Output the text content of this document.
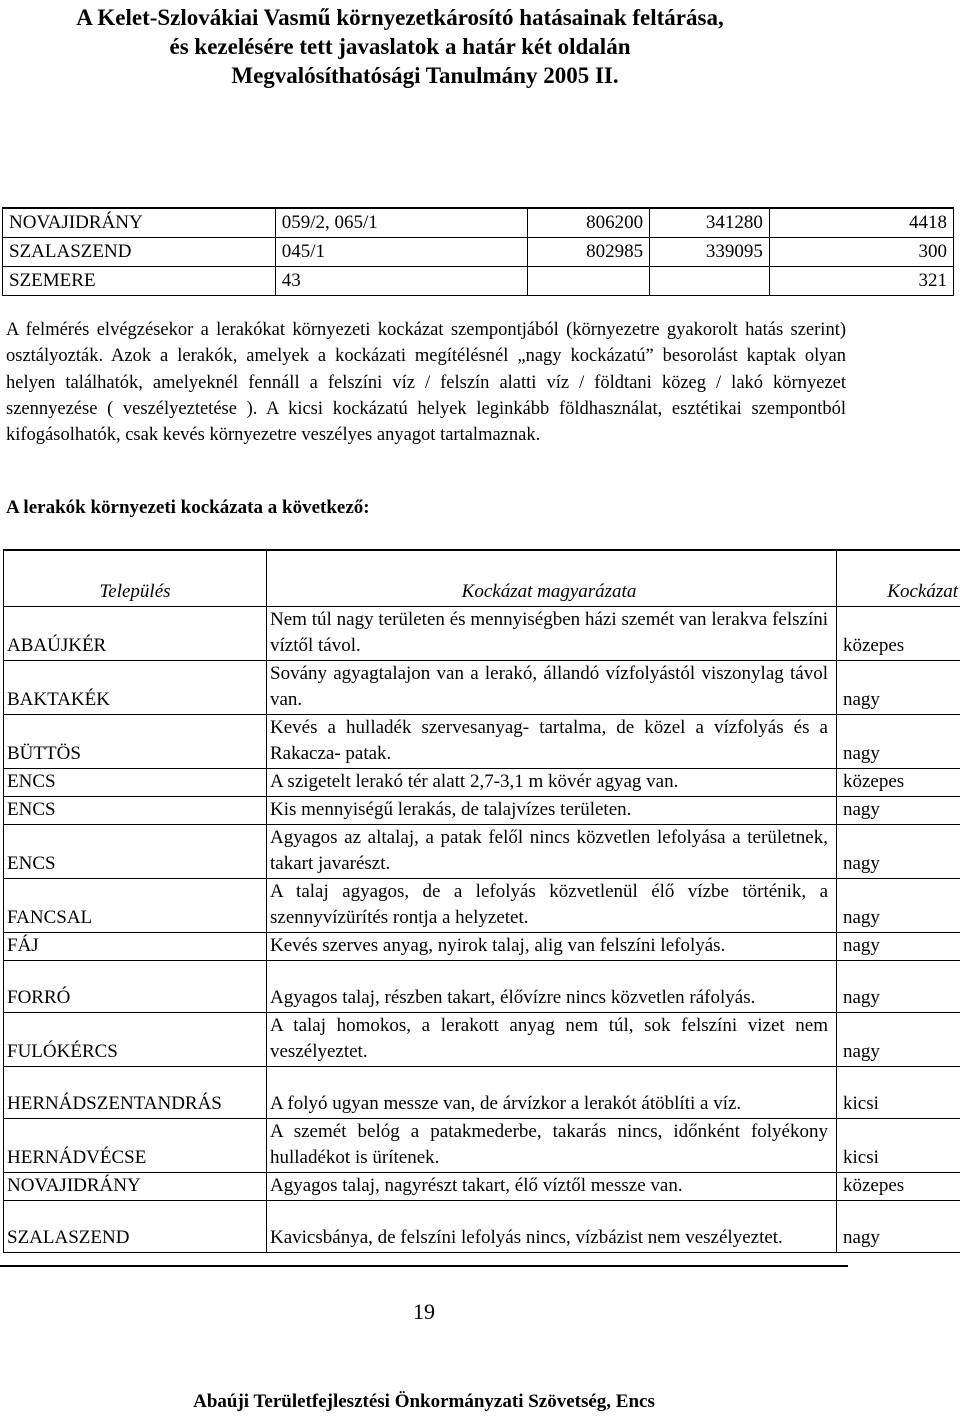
A Kelet-Szlovákiai Vasmű környezetkárosító hatásainak feltárása,
és kezelésére tett javaslatok a határ két oldalán
Megvalósíthatósági Tanulmány 2005 II.
NOVAJIDRÁNY	059/2, 065/1	806200	341280	4418
SZALASZEND	045/1	802985	339095	300
SZEMERE	43			321
A felmérés elvégzésekor a lerakókat környezeti kockázat szempontjából (környezetre gyakorolt hatás szerint) osztályozták. Azok a lerakók, amelyek a kockázati megítélésnél „nagy kockázatú” besorolást kaptak olyan helyen találhatók, amelyeknél fennáll a felszíni víz / felszín alatti víz / földtani közeg / lakó környezet szennyezése ( veszélyeztetése ). A kicsi kockázatú helyek leginkább földhasználat, esztétikai szempontból kifogásolhatók, csak kevés környezetre veszélyes anyagot tartalmaznak.
A lerakók környezeti kockázata a következő:
Település	Kockázat magyarázata	Kockázat
ABAÚJKÉR	Nem túl nagy területen és mennyiségben házi szemét van lerakva felszíni víztől távol.	közepes
BAKTAKÉK	Sovány agyagtalajon van a lerakó, állandó vízfolyástól viszonylag távol van.	nagy
BÜTTÖS	Kevés a hulladék szervesanyag- tartalma, de közel a vízfolyás és a Rakacza- patak.	nagy
ENCS	A szigetelt lerakó tér alatt 2,7-3,1 m kövér agyag van.	közepes
ENCS	Kis mennyiségű lerakás, de talajvízes területen.	nagy
ENCS	Agyagos az altalaj, a patak felől nincs közvetlen lefolyása a területnek, takart javarészt.	nagy
FANCSAL	A talaj agyagos, de a lefolyás közvetlenül élő vízbe történik, a szennyvízürítés rontja a helyzetet.	nagy
FÁJ	Kevés szerves anyag, nyirok talaj, alig van felszíni lefolyás.	nagy
FORRÓ	Agyagos talaj, részben takart, élővízre nincs közvetlen ráfolyás.	nagy
FULÓKÉRCS	A talaj homokos, a lerakott anyag nem túl, sok felszíni vizet nem veszélyeztet.	nagy
HERNÁDSZENTANDRÁS	A folyó ugyan messze van, de árvízkor a lerakót átöblíti a víz.	kicsi
HERNÁDVÉCSE	A szemét belóg a patakmederbe, takarás nincs, időnként folyékony hulladékot is ürítenek.	kicsi
NOVAJIDRÁNY	Agyagos talaj, nagyrészt takart, élő víztől messze van.	közepes
SZALASZEND	Kavicsbánya, de felszíni lefolyás nincs, vízbázist nem veszélyeztet.	nagy
19
Abaúji Területfejlesztési Önkormányzati Szövetség, Encs
